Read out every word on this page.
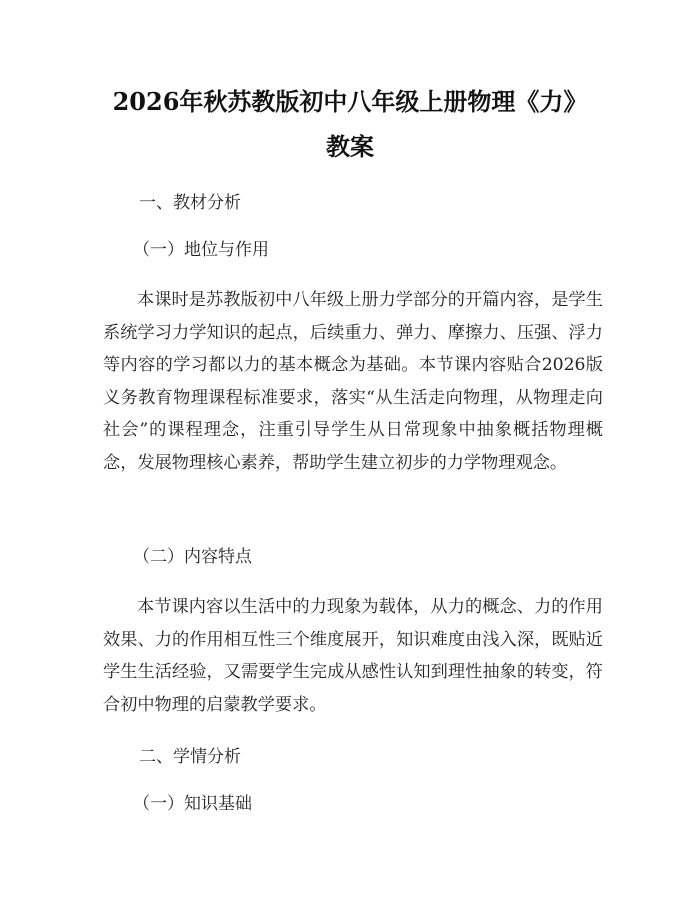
2026年秋苏教版初中八年级上册物理《力》
教案
一、教材分析
（一）地位与作用

本课时是苏教版初中八年级上册力学部分的开篇内容，是学生系统学习力学知识的起点，后续重力、弹力、摩擦力、压强、浮力等内容的学习都以力的基本概念为基础。本节课内容贴合2026版义务教育物理课程标准要求，落实“从生活走向物理，从物理走向社会”的课程理念，注重引导学生从日常现象中抽象概括物理概念，发展物理核心素养，帮助学生建立初步的力学物理观念。

（二）内容特点

本节课内容以生活中的力现象为载体，从力的概念、力的作用效果、力的作用相互性三个维度展开，知识难度由浅入深，既贴近学生生活经验，又需要学生完成从感性认知到理性抽象的转变，符合初中物理的启蒙教学要求。

二、学情分析
（一）知识基础
